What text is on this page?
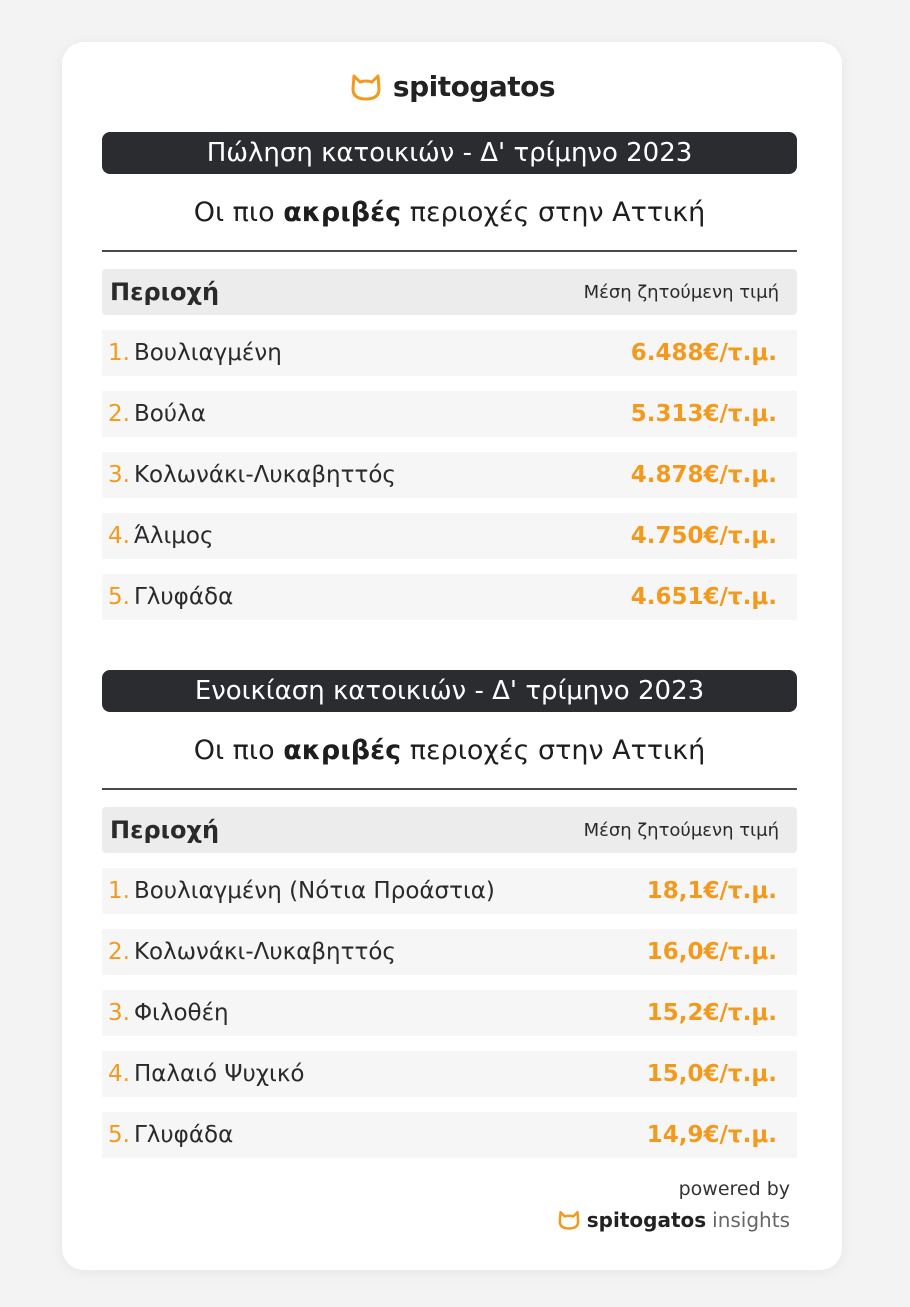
spitogatos
Πώληση κατοικιών - Δ' τρίμηνο 2023
Οι πιο
ακριβές
περιοχές στην Αττική
Περιοχή	Μέση ζητούμενη τιμή
1. Βουλιαγμένη	6.488€/τ.μ.
2. Βούλα	5.313€/τ.μ.
3. Κολωνάκι-Λυκαβηττός	4.878€/τ.μ.
4. Άλιμος	4.750€/τ.μ.
5. Γλυφάδα	4.651€/τ.μ.
Ενοικίαση κατοικιών - Δ' τρίμηνο 2023
Οι πιο
ακριβές
περιοχές στην Αττική
Περιοχή	Μέση ζητούμενη τιμή
1. Βουλιαγμένη (Νότια Προάστια)	18,1€/τ.μ.
2. Κολωνάκι-Λυκαβηττός	16,0€/τ.μ.
3. Φιλοθέη	15,2€/τ.μ.
4. Παλαιό Ψυχικό	15,0€/τ.μ.
5. Γλυφάδα	14,9€/τ.μ.
powered by
spitogatos insights
